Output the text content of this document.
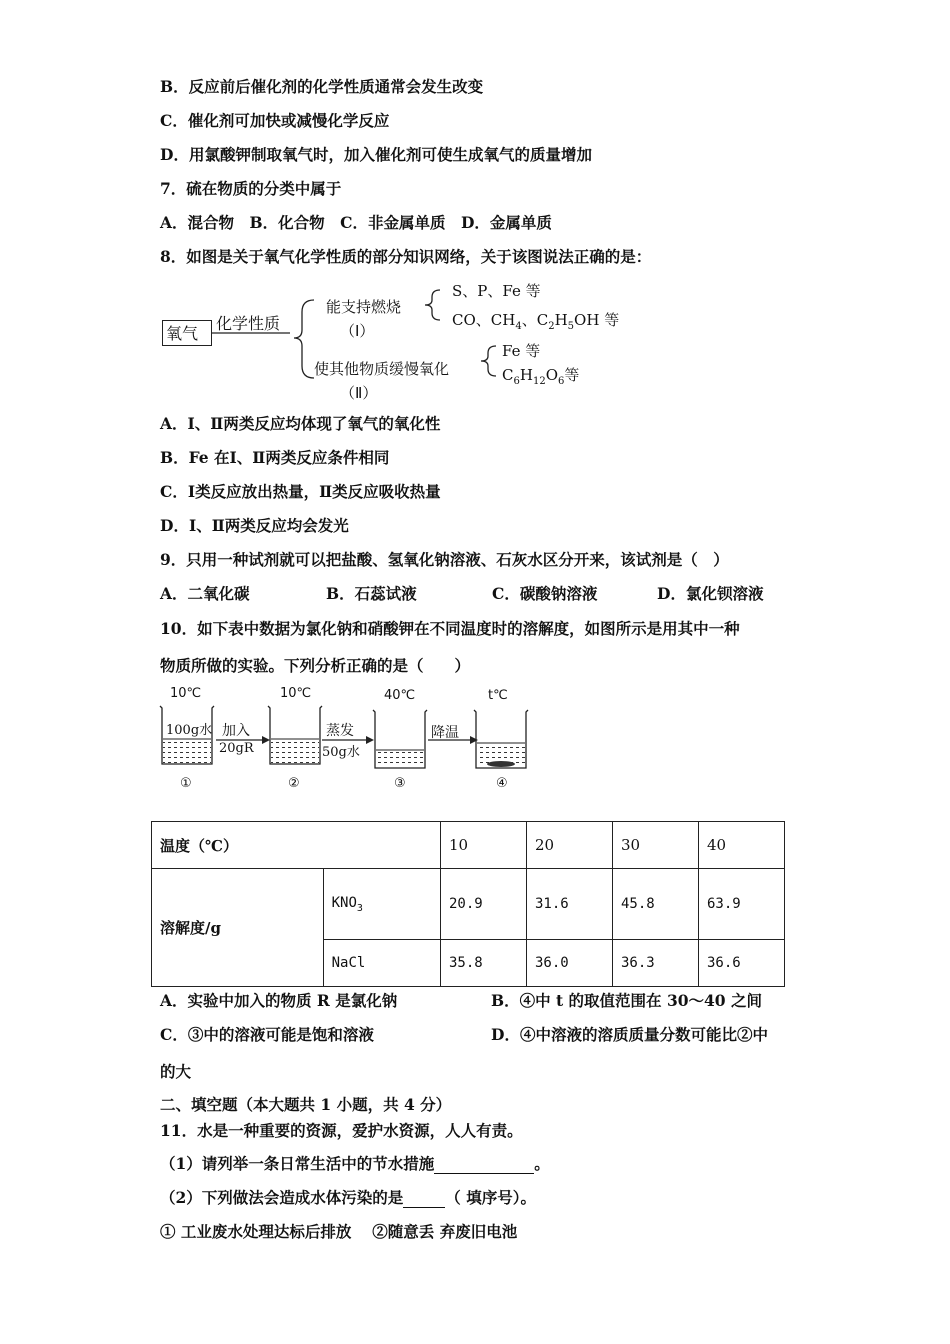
B．反应前后催化剂的化学性质通常会发生改变
C．催化剂可加快或减慢化学反应
D．用氯酸钾制取氧气时，加入催化剂可使生成氧气的质量增加
7．硫在物质的分类中属于
A．混合物　B．化合物　C．非金属单质　D．金属单质
8．如图是关于氧气化学性质的部分知识网络，关于该图说法正确的是：
氧气
化学性质
能支持燃烧
（Ⅰ）
S、P、Fe 等
CO、$CH_4$、$C_2H_5OH$ 等
使其他物质缓慢氧化
（Ⅱ）
Fe 等
$C_6H_{12}O_6$等
A．Ⅰ、Ⅱ两类反应均体现了氧气的氧化性
B．Fe 在Ⅰ、Ⅱ两类反应条件相同
C．Ⅰ类反应放出热量，Ⅱ类反应吸收热量
D．Ⅰ、Ⅱ两类反应均会发光
9．只用一种试剂就可以把盐酸、氢氧化钠溶液、石灰水区分开来，该试剂是（　）
A．二氧化碳	B．石蕊试液	C．碳酸钠溶液	D．氯化钡溶液
10．如下表中数据为氯化钠和硝酸钾在不同温度时的溶解度，如图所示是用其中一种
物质所做的实验。下列分析正确的是（　　）
10℃	10℃	40℃	t℃
100g水 加入
20gR
蒸发
50g水
降温
①	②	③	④
温度（℃）		10	20	30	40
溶解度/g	$KNO_3$	20.9	31.6	45.8	63.9
	NaCl	35.8	36.0	36.3	36.6
A．实验中加入的物质 R 是氯化钠	B．④中 t 的取值范围在 30～40 之间
C．③中的溶液可能是饱和溶液	D．④中溶液的溶质质量分数可能比②中
的大
二、填空题（本大题共 1 小题，共 4 分）
11．水是一种重要的资源，爱护水资源，人人有责。
（1）请列举一条日常生活中的节水措施	。
（2）下列做法会造成水体污染的是	（ 填序号）。
① 工业废水处理达标后排放　 ②随意丢 弃废旧电池
